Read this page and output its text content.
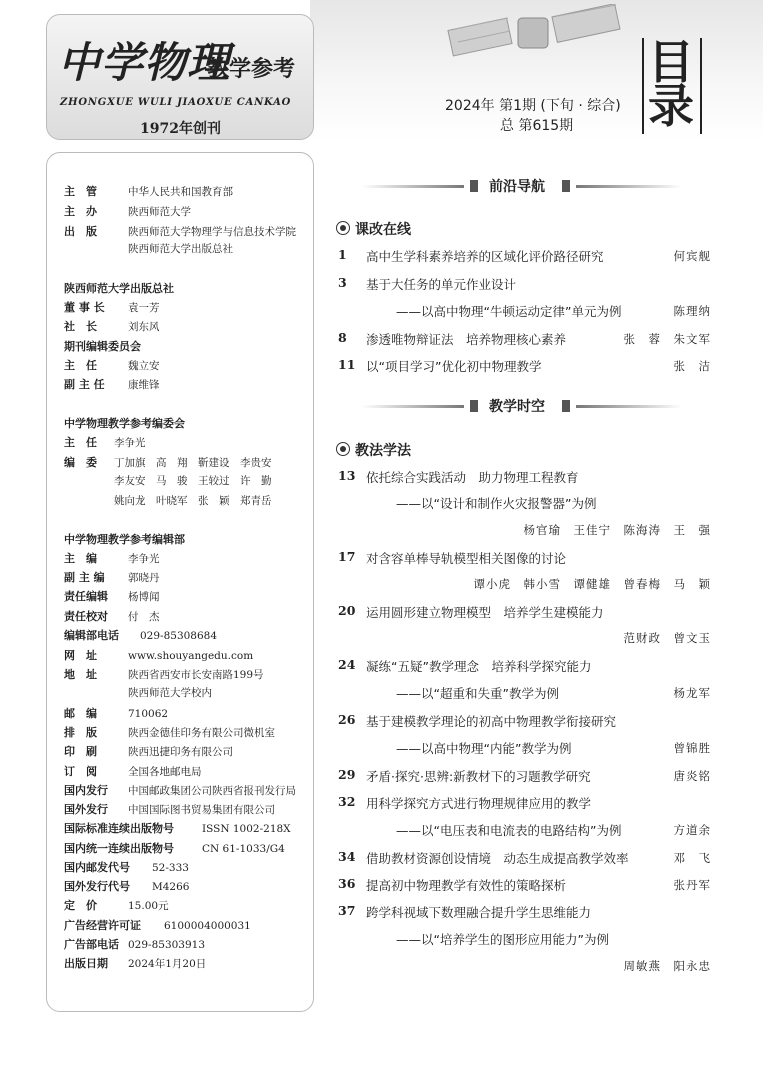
中学物理
教学参考
ZHONGXUE WULI JIAOXUE CANKAO
1972年创刊
2024年 第1期 (下旬 · 综合)
总 第615期
目
录
主　管	中华人民共和国教育部
主　办	陕西师范大学
出　版	陕西师范大学物理学与信息技术学院
陕西师范大学出版总社
陕西师范大学出版总社
董 事 长 袁一芳
社　长	刘东风
期刊编辑委员会
主　任	魏立安
副 主 任 康维锋
中学物理教学参考编委会
主　任 李争光
编　委 丁加旗　高　翔　靳建设　李贵安
李友安　马　骏　王较过　许　勤
姚向龙　叶晓军　张　颖　郑青岳
中学物理教学参考编辑部
主　编	李争光
副 主 编 郭晓丹
责任编辑 杨博闻
责任校对 付　杰
编辑部电话 029-85308684
网　址	www.shouyangedu.com
地　址	陕西省西安市长安南路199号
陕西师范大学校内
邮　编	710062
排　版	陕西金德佳印务有限公司微机室
印　刷	陕西迅捷印务有限公司
订　阅	全国各地邮电局
国内发行 中国邮政集团公司陕西省报刊发行局
国外发行 中国国际图书贸易集团有限公司
国际标准连续出版物号	ISSN 1002-218X
国内统一连续出版物号	CN 61-1033/G4
国内邮发代号 52-333
国外发行代号 M4266
定　价	15.00元
广告经营许可证 6100004000031
广告部电话 029-85303913
出版日期 2024年1月20日
前沿导航
课改在线
1 高中生学科素养培养的区域化评价路径研究	何宾舰
3 基于大任务的单元作业设计
——以高中物理“牛顿运动定律”单元为例	陈理纳
8 渗透唯物辩证法　培养物理核心素养	张　蓉　朱文军
11 以“项目学习”优化初中物理教学	张　洁
教学时空
教法学法
13 依托综合实践活动　助力物理工程教育
——以“设计和制作火灾报警器”为例
杨官瑜　王佳宁　陈海涛　王　强
17 对含容单棒导轨模型相关图像的讨论
谭小虎　韩小雪　谭健雄　曾春梅　马　颖
20 运用圆形建立物理模型　培养学生建模能力
范财政　曾文玉
24 凝练“五疑”教学理念　培养科学探究能力
——以“超重和失重”教学为例	杨龙军
26 基于建模教学理论的初高中物理教学衔接研究
——以高中物理“内能”教学为例	曾锦胜
29 矛盾·探究·思辨:新教材下的习题教学研究	唐炎铭
32 用科学探究方式进行物理规律应用的教学
——以“电压表和电流表的电路结构”为例	方道余
34 借助教材资源创设情境　动态生成提高教学效率	邓　飞
36 提高初中物理教学有效性的策略探析	张丹军
37 跨学科视域下数理融合提升学生思维能力
——以“培养学生的图形应用能力”为例
周敏燕　阳永忠
